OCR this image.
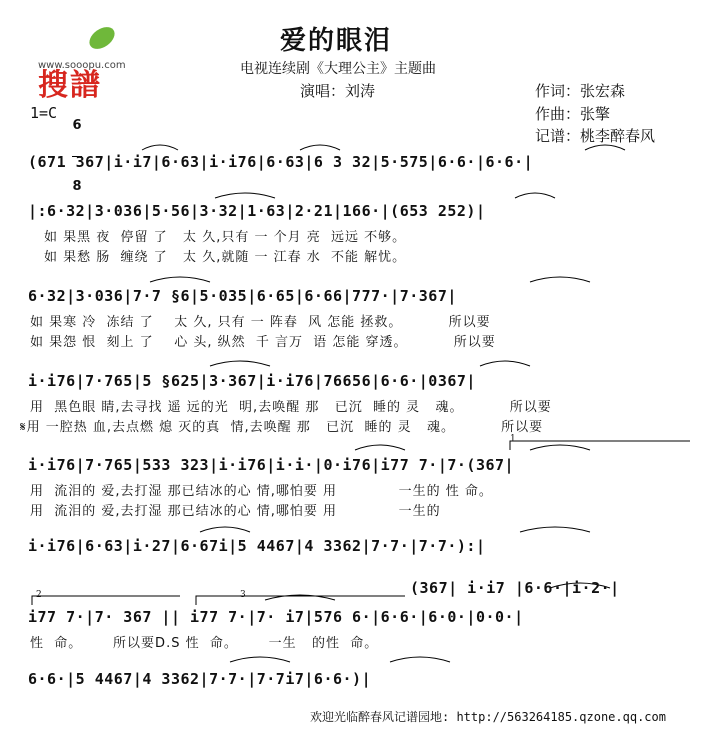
搜譜

www.sooopu.com

爱的眼泪
电视连续剧《大理公主》主题曲
演唱：刘涛	作词：张宏森
作曲：张擎
记谱：桃李醉春风
1=C

6

8

(671 367|i·i7|6·63|i·i76|6·63|6 3 32|5·575|6·6·|6·6·|
|:6·32|3·036|5·56|3·32|1·63|2·21|166·|(653 252)|
如 果黑 夜  停留 了   太 久,只有 一 个月 亮  远远 不够。
如 果愁 肠  缠绕 了   太 久,就随 一 江春 水  不能 解忧。
6·32|3·036|7·7 §6|5·035|6·65|6·66|777·|7·367|
如 果寒 冷  冻结 了    太 久, 只有 一 阵春  风 怎能 拯救。         所以要
如 果怨 恨  刻上 了    心 头, 纵然  千 言万  语 怎能 穿透。         所以要
i·i76|7·765|5 §625|3·367|i·i76|76656|6·6·|0367|
用  黑色眼 睛,去寻找 遥 远的光  明,去唤醒 那   已沉  睡的 灵   魂。         所以要
𝄋用 一腔热 血,去点燃 熄 灭的真  情,去唤醒 那   已沉  睡的 灵   魂。         所以要
i·i76|7·765|533 323|i·i76|i·i·|0·i76|i77 7·|7·(367|
用  流泪的 爱,去打湿 那已结冰的心 情,哪怕要 用            一生的 性 命。
用  流泪的 爱,去打湿 那已结冰的心 情,哪怕要 用            一生的
i·i76|6·63|i·27|6·67i|5 4467|4 3362|7·7·|7·7·):|
2
1
3	(367| i·i7 |6·6·|i·2·|
i77 7·|7· 367 || i77 7·|7· i7|576 6·|6·6·|6·0·|0·0·|
性  命。      所以要D.S 性  命。      一生   的性  命。
6·6·|5 4467|4 3362|7·7·|7·7i7|6·6·)|
欢迎光临醉春风记谱园地: http://563264185.qzone.qq.com
